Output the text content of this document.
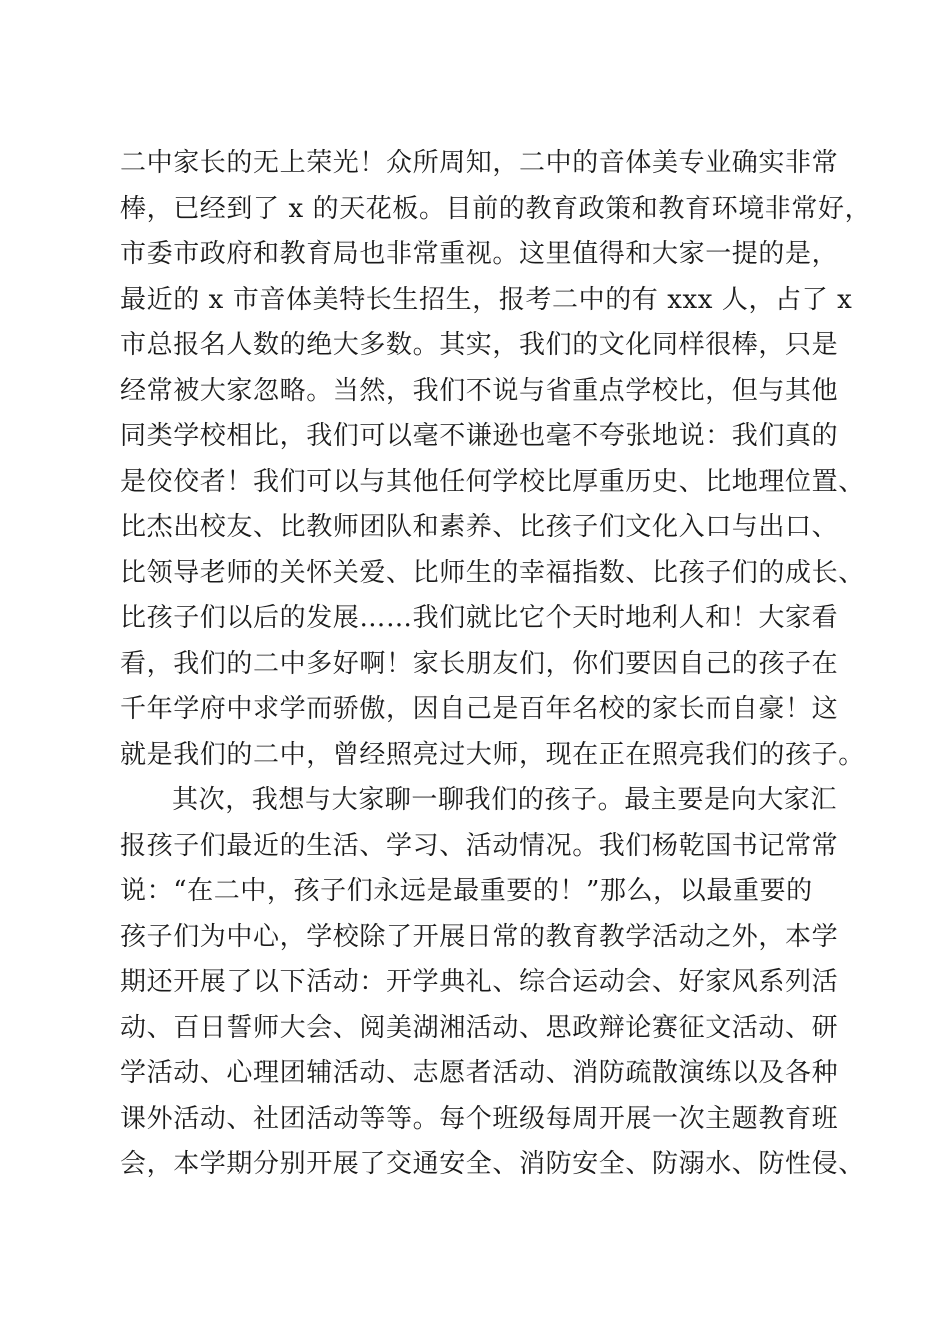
二中家长的无上荣光！众所周知，二中的音体美专业确实非常
棒，已经到了 x 的天花板。目前的教育政策和教育环境非常好，
市委市政府和教育局也非常重视。这里值得和大家一提的是，
最近的 x 市音体美特长生招生，报考二中的有 xxx 人，占了 x
市总报名人数的绝大多数。其实，我们的文化同样很棒，只是
经常被大家忽略。当然，我们不说与省重点学校比，但与其他
同类学校相比，我们可以毫不谦逊也毫不夸张地说：我们真的
是佼佼者！我们可以与其他任何学校比厚重历史、比地理位置、
比杰出校友、比教师团队和素养、比孩子们文化入口与出口、
比领导老师的关怀关爱、比师生的幸福指数、比孩子们的成长、
比孩子们以后的发展……我们就比它个天时地利人和！大家看
看，我们的二中多好啊！家长朋友们，你们要因自己的孩子在
千年学府中求学而骄傲，因自己是百年名校的家长而自豪！这
就是我们的二中，曾经照亮过大师，现在正在照亮我们的孩子。
其次，我想与大家聊一聊我们的孩子。最主要是向大家汇
报孩子们最近的生活、学习、活动情况。我们杨乾国书记常常
说：“在二中，孩子们永远是最重要的！”那么，以最重要的
孩子们为中心，学校除了开展日常的教育教学活动之外，本学
期还开展了以下活动：开学典礼、综合运动会、好家风系列活
动、百日誓师大会、阅美湖湘活动、思政辩论赛征文活动、研
学活动、心理团辅活动、志愿者活动、消防疏散演练以及各种
课外活动、社团活动等等。每个班级每周开展一次主题教育班
会，本学期分别开展了交通安全、消防安全、防溺水、防性侵、
